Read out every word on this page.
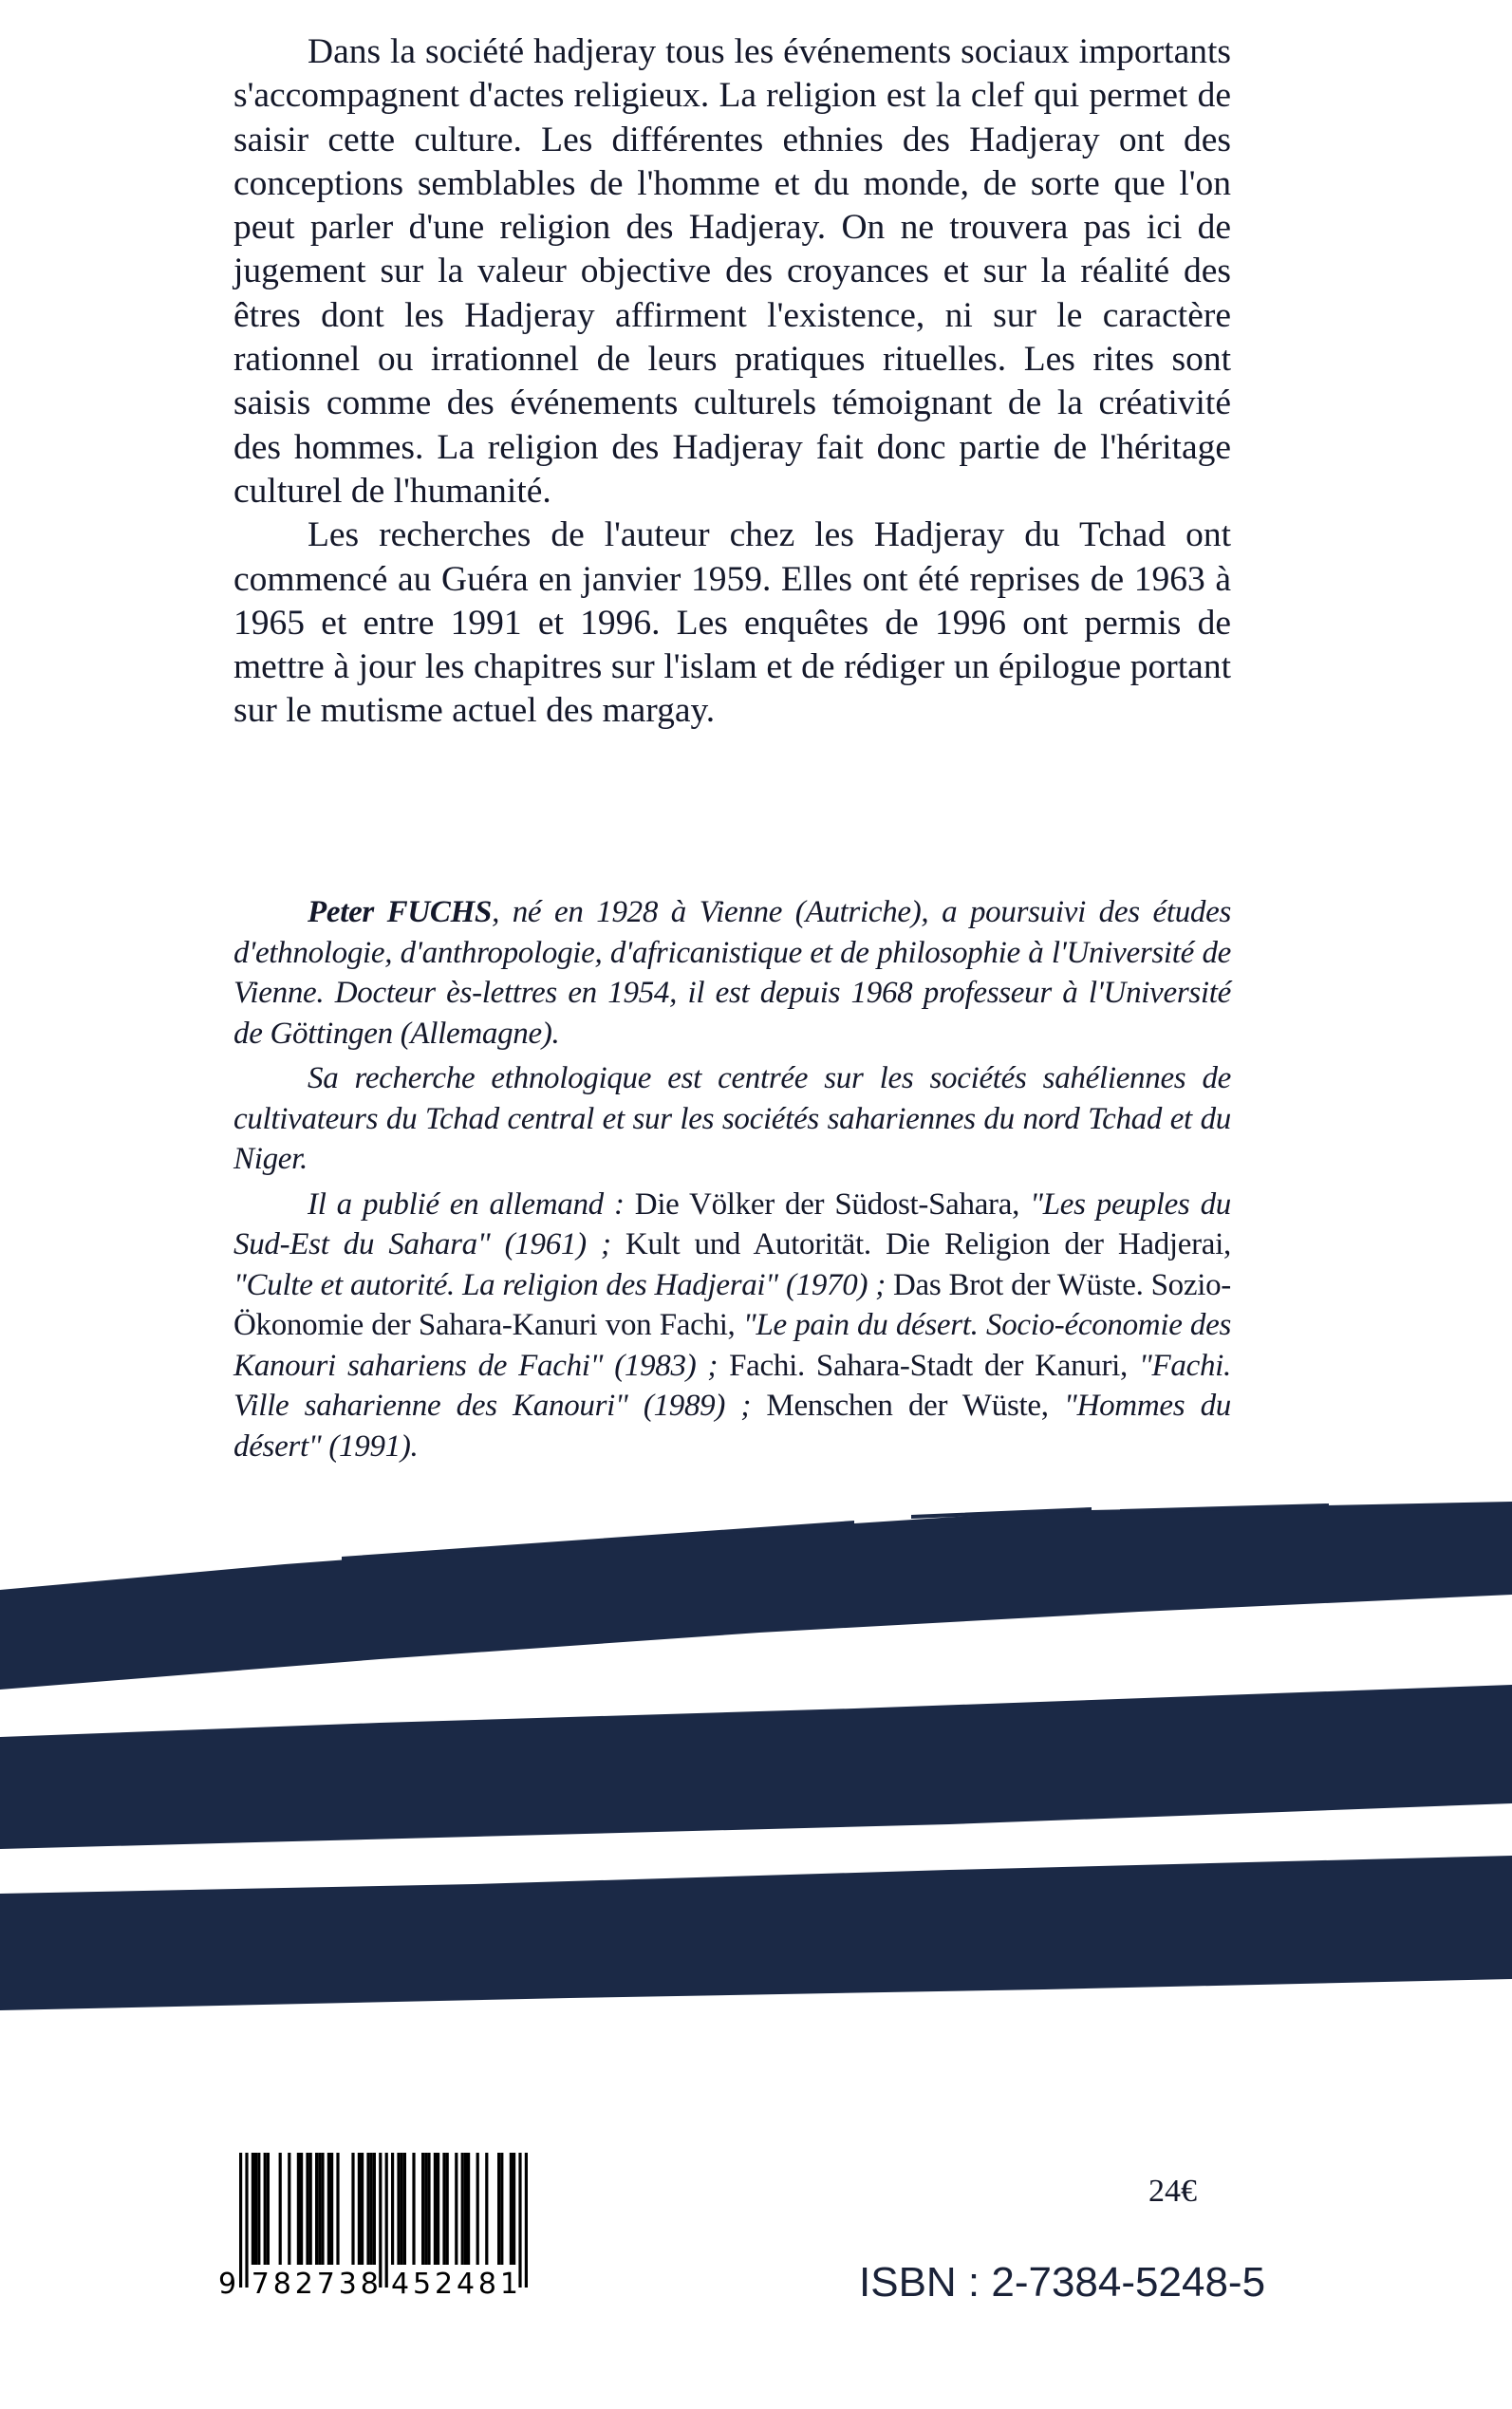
Dans la société hadjeray tous les événements sociaux importants s'accompagnent d'actes religieux. La religion est la clef qui permet de saisir cette culture. Les différentes ethnies des Hadjeray ont des conceptions semblables de l'homme et du monde, de sorte que l'on peut parler d'une religion des Hadjeray. On ne trouvera pas ici de jugement sur la valeur objective des croyances et sur la réalité des êtres dont les Hadjeray affirment l'existence, ni sur le caractère rationnel ou irrationnel de leurs pratiques rituelles. Les rites sont saisis comme des événements culturels témoignant de la créativité des hommes. La religion des Hadjeray fait donc partie de l'héritage culturel de l'humanité.

Les recherches de l'auteur chez les Hadjeray du Tchad ont commencé au Guéra en janvier 1959. Elles ont été reprises de 1963 à 1965 et entre 1991 et 1996. Les enquêtes de 1996 ont permis de mettre à jour les chapitres sur l'islam et de rédiger un épilogue portant sur le mutisme actuel des margay.

Peter FUCHS, né en 1928 à Vienne (Autriche), a poursuivi des études d'ethnologie, d'anthropologie, d'africanistique et de philosophie à l'Université de Vienne. Docteur ès-lettres en 1954, il est depuis 1968 professeur à l'Université de Göttingen (Allemagne).

Sa recherche ethnologique est centrée sur les sociétés sahéliennes de cultivateurs du Tchad central et sur les sociétés sahariennes du nord Tchad et du Niger.

Il a publié en allemand : Die Völker der Südost-Sahara, "Les peuples du Sud-Est du Sahara" (1961) ; Kult und Autorität. Die Religion der Hadjerai, "Culte et autorité. La religion des Hadjerai" (1970) ; Das Brot der Wüste. Sozio-Ökonomie der Sahara-Kanuri von Fachi, "Le pain du désert. Socio-économie des Kanouri sahariens de Fachi" (1983) ; Fachi. Sahara-Stadt der Kanuri, "Fachi. Ville saharienne des Kanouri" (1989) ; Menschen der Wüste, "Hommes du désert" (1991).

9 782738 452481
24€
ISBN : 2-7384-5248-5
